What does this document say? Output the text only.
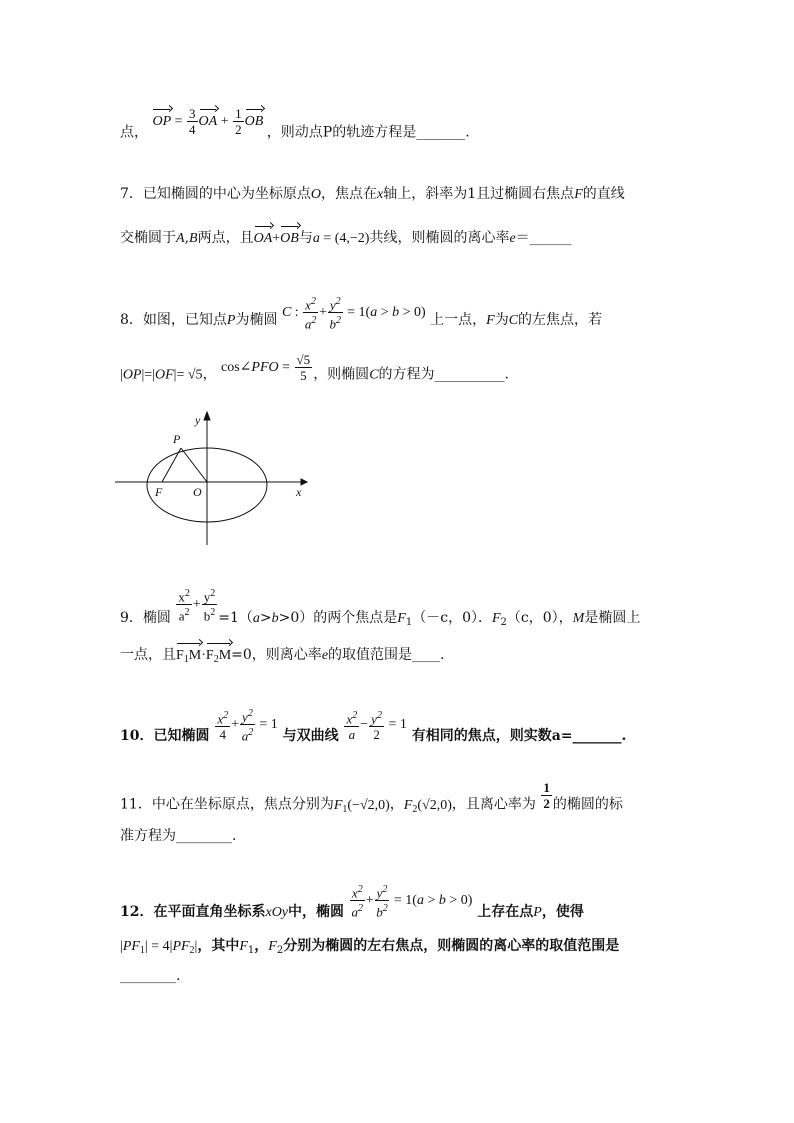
点， OP = $\frac{3}{4}$ OA + $\frac{1}{2}$ OB ，则动点P的轨迹方程是_______.
7．已知椭圆的中心为坐标原点O，焦点在x轴上，斜率为1且过椭圆右焦点F的直线
交椭圆于A,B两点，且OA+OB与a = (4,−2)共线，则椭圆的离心率e＝______
8．如图，已知点P为椭圆 C : $\frac{x^2}{a^2} + \frac{y^2}{b^2} = 1(a > b > 0)$ 上一点，F为C的左焦点，若
|OP|=|OF|= √5， cos∠PFO = $\frac{√5}{5}$ ，则椭圆C的方程为__________.
y
x
P
F	O
9．椭圆 $\frac{x^2}{a^2} + \frac{y^2}{b^2} =1(a>b>0)$的两个焦点是$F_1(-c$，0）．$F_2(c$，0），M是椭圆上
一点，且$F_1M\cdot F_2M=0$，则离心率e的取值范围是____.
10．已知椭圆 $\frac{x^2}{4} + \frac{y^2}{a^2} = 1$ 与双曲线 $\frac{x^2}{a} - \frac{y^2}{2} = 1$ 有相同的焦点，则实数a=_______.
11．中心在坐标原点，焦点分别为$F_1(-√2,0)$，$F_2(√2,0)$，且离心率为 $\frac{1}{2}$ 的椭圆的标
准方程为________.
12．在平面直角坐标系xOy中，椭圆 $\frac{x^2}{a^2} + \frac{y^2}{b^2} = 1(a > b > 0)$ 上存在点P，使得
$|PF_1| = 4|PF_2|$，其中$F_1$，$F_2$分别为椭圆的左右焦点，则椭圆的离心率的取值范围是
________.
